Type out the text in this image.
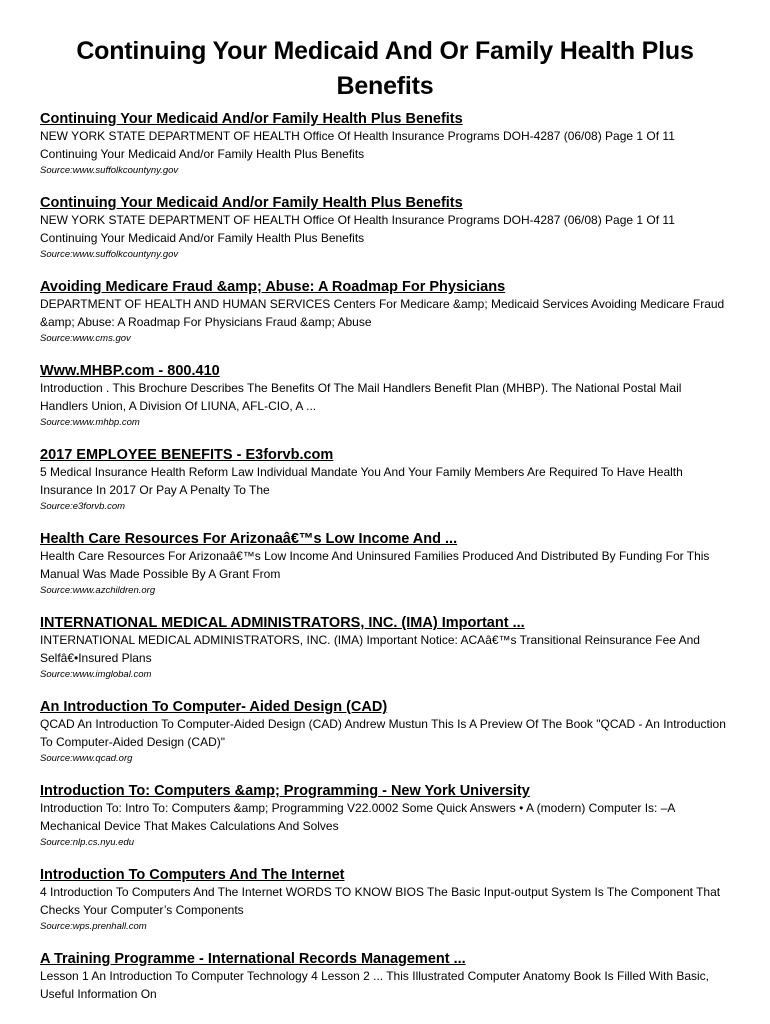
Continuing Your Medicaid And Or Family Health Plus Benefits
Continuing Your Medicaid And/or Family Health Plus Benefits

NEW YORK STATE DEPARTMENT OF HEALTH Office Of Health Insurance Programs DOH-4287 (06/08) Page 1 Of 11 Continuing Your Medicaid And/or Family Health Plus Benefits

Source:www.suffolkcountyny.gov

Continuing Your Medicaid And/or Family Health Plus Benefits

NEW YORK STATE DEPARTMENT OF HEALTH Office Of Health Insurance Programs DOH-4287 (06/08) Page 1 Of 11 Continuing Your Medicaid And/or Family Health Plus Benefits

Source:www.suffolkcountyny.gov

Avoiding Medicare Fraud &amp; Abuse: A Roadmap For Physicians

DEPARTMENT OF HEALTH AND HUMAN SERVICES Centers For Medicare &amp; Medicaid Services Avoiding Medicare Fraud &amp; Abuse: A Roadmap For Physicians Fraud &amp; Abuse

Source:www.cms.gov

Www.MHBP.com - 800.410

Introduction . This Brochure Describes The Benefits Of The Mail Handlers Benefit Plan (MHBP). The National Postal Mail Handlers Union, A Division Of LIUNA, AFL-CIO, A ...

Source:www.mhbp.com

2017 EMPLOYEE BENEFITS - E3forvb.com

5 Medical Insurance Health Reform Law Individual Mandate You And Your Family Members Are Required To Have Health Insurance In 2017 Or Pay A Penalty To The

Source:e3forvb.com

Health Care Resources For Arizonaâ€™s Low Income And ...

Health Care Resources For Arizonaâ€™s Low Income And Uninsured Families Produced And Distributed By Funding For This Manual Was Made Possible By A Grant From

Source:www.azchildren.org

INTERNATIONAL MEDICAL ADMINISTRATORS, INC. (IMA) Important ...

INTERNATIONAL MEDICAL ADMINISTRATORS, INC. (IMA) Important Notice: ACAâ€™s Transitional Reinsurance Fee And Selfâ€•Insured Plans

Source:www.imglobal.com

An Introduction To Computer- Aided Design (CAD)

QCAD An Introduction To Computer-Aided Design (CAD) Andrew Mustun This Is A Preview Of The Book "QCAD - An Introduction To Computer-Aided Design (CAD)"

Source:www.qcad.org

Introduction To: Computers &amp; Programming - New York University

Introduction To: Intro To: Computers &amp; Programming V22.0002 Some Quick Answers • A (modern) Computer Is: –A Mechanical Device That Makes Calculations And Solves

Source:nlp.cs.nyu.edu

Introduction To Computers And The Internet

4 Introduction To Computers And The Internet WORDS TO KNOW BIOS The Basic Input-output System Is The Component That Checks Your Computer’s Components

Source:wps.prenhall.com

A Training Programme - International Records Management ...

Lesson 1 An Introduction To Computer Technology 4 Lesson 2 ... This Illustrated Computer Anatomy Book Is Filled With Basic, Useful Information On
